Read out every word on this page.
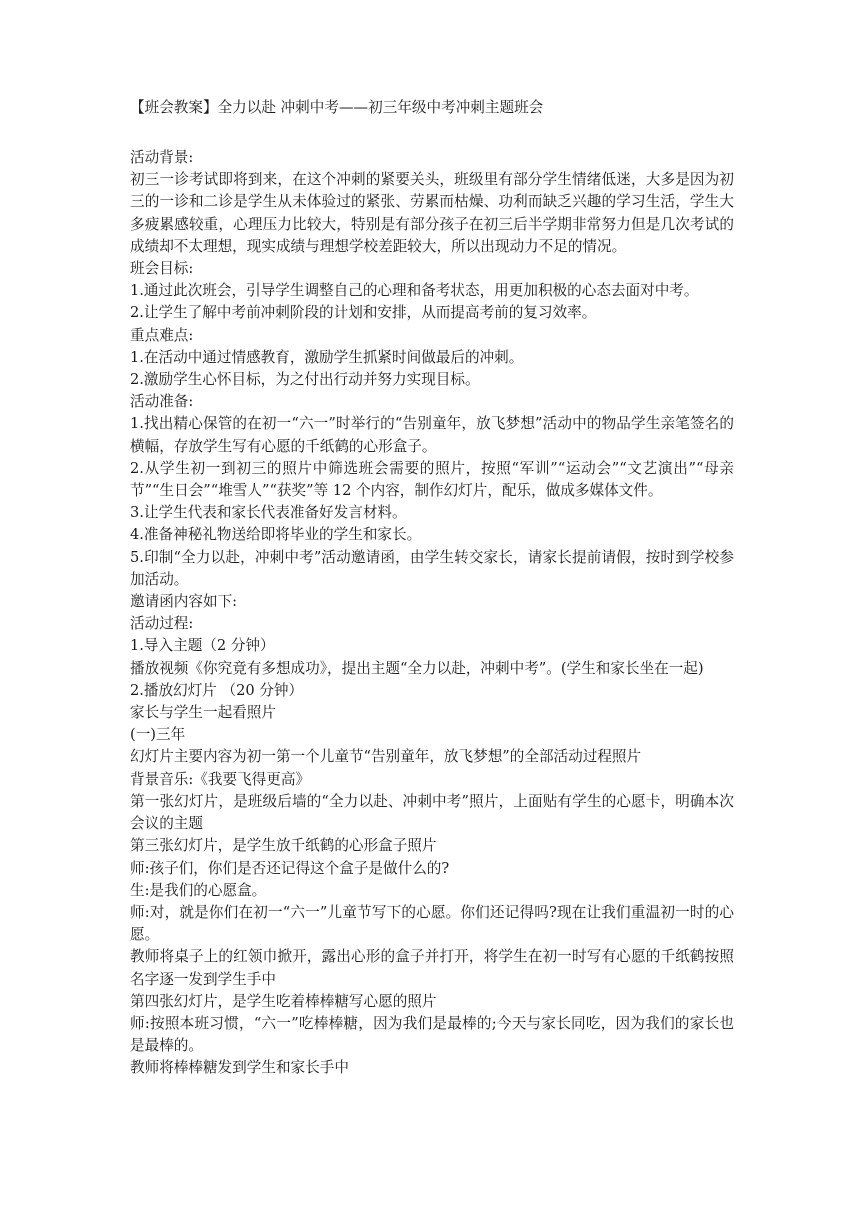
【班会教案】全力以赴 冲刺中考——初三年级中考冲刺主题班会

活动背景:

初三一诊考试即将到来，在这个冲刺的紧要关头，班级里有部分学生情绪低迷，大多是因为初三的一诊和二诊是学生从未体验过的紧张、劳累而枯燥、功利而缺乏兴趣的学习生活，学生大多疲累感较重，心理压力比较大，特别是有部分孩子在初三后半学期非常努力但是几次考试的成绩却不太理想，现实成绩与理想学校差距较大，所以出现动力不足的情况。

班会目标:

1.通过此次班会，引导学生调整自己的心理和备考状态，用更加积极的心态去面对中考。

2.让学生了解中考前冲刺阶段的计划和安排，从而提高考前的复习效率。

重点难点:

1.在活动中通过情感教育，激励学生抓紧时间做最后的冲刺。

2.激励学生心怀目标，为之付出行动并努力实现目标。

活动准备:

1.找出精心保管的在初一“六一”时举行的“告别童年，放飞梦想”活动中的物品学生亲笔签名的横幅，存放学生写有心愿的千纸鹤的心形盒子。

2.从学生初一到初三的照片中筛选班会需要的照片，按照“军训”“运动会”“文艺演出”“母亲节”“生日会”“堆雪人”“获奖”等 12 个内容，制作幻灯片，配乐，做成多媒体文件。

3.让学生代表和家长代表准备好发言材料。

4.准备神秘礼物送给即将毕业的学生和家长。

5.印制“全力以赴，冲刺中考”活动邀请函，由学生转交家长，请家长提前请假，按时到学校参加活动。

邀请函内容如下:

活动过程:

1.导入主题（2 分钟）

播放视频《你究竟有多想成功》，提出主题“全力以赴，冲刺中考”。(学生和家长坐在一起)

2.播放幻灯片 （20 分钟）

家长与学生一起看照片

(一)三年

幻灯片主要内容为初一第一个儿童节“告别童年，放飞梦想”的全部活动过程照片

背景音乐:《我要飞得更高》

第一张幻灯片，是班级后墙的“全力以赴、冲刺中考”照片，上面贴有学生的心愿卡，明确本次会议的主题

第三张幻灯片，是学生放千纸鹤的心形盒子照片

师:孩子们，你们是否还记得这个盒子是做什么的?

生:是我们的心愿盒。

师:对，就是你们在初一“六一”儿童节写下的心愿。你们还记得吗?现在让我们重温初一时的心愿。

教师将桌子上的红领巾掀开，露出心形的盒子并打开，将学生在初一时写有心愿的千纸鹤按照名字逐一发到学生手中

第四张幻灯片，是学生吃着棒棒糖写心愿的照片

师:按照本班习惯，“六一”吃棒棒糖，因为我们是最棒的;今天与家长同吃，因为我们的家长也是最棒的。

教师将棒棒糖发到学生和家长手中
